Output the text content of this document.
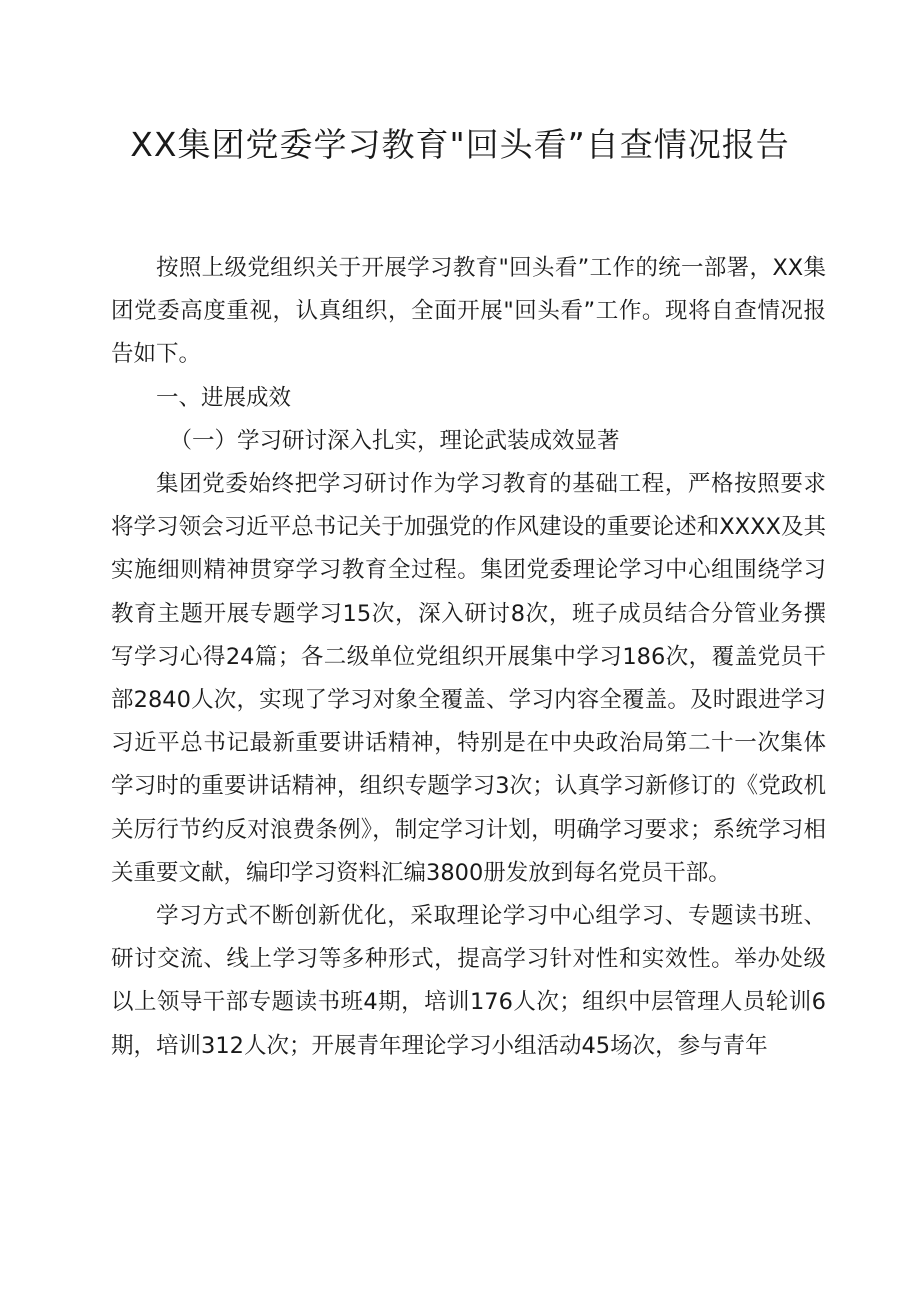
XX集团党委学习教育"回头看”自查情况报告

按照上级党组织关于开展学习教育"回头看”工作的统一部署，XX集团党委高度重视，认真组织，全面开展"回头看”工作。现将自查情况报告如下。

一、进展成效

（一）学习研讨深入扎实，理论武装成效显著

集团党委始终把学习研讨作为学习教育的基础工程，严格按照要求将学习领会习近平总书记关于加强党的作风建设的重要论述和XXXX及其实施细则精神贯穿学习教育全过程。集团党委理论学习中心组围绕学习教育主题开展专题学习15次，深入研讨8次，班子成员结合分管业务撰写学习心得24篇；各二级单位党组织开展集中学习186次，覆盖党员干部2840人次，实现了学习对象全覆盖、学习内容全覆盖。及时跟进学习习近平总书记最新重要讲话精神，特别是在中央政治局第二十一次集体学习时的重要讲话精神，组织专题学习3次；认真学习新修订的《党政机关厉行节约反对浪费条例》，制定学习计划，明确学习要求；系统学习相关重要文献，编印学习资料汇编3800册发放到每名党员干部。

学习方式不断创新优化，采取理论学习中心组学习、专题读书班、研讨交流、线上学习等多种形式，提高学习针对性和实效性。举办处级以上领导干部专题读书班4期，培训176人次；组织中层管理人员轮训6期，培训312人次；开展青年理论学习小组活动45场次，参与青年
